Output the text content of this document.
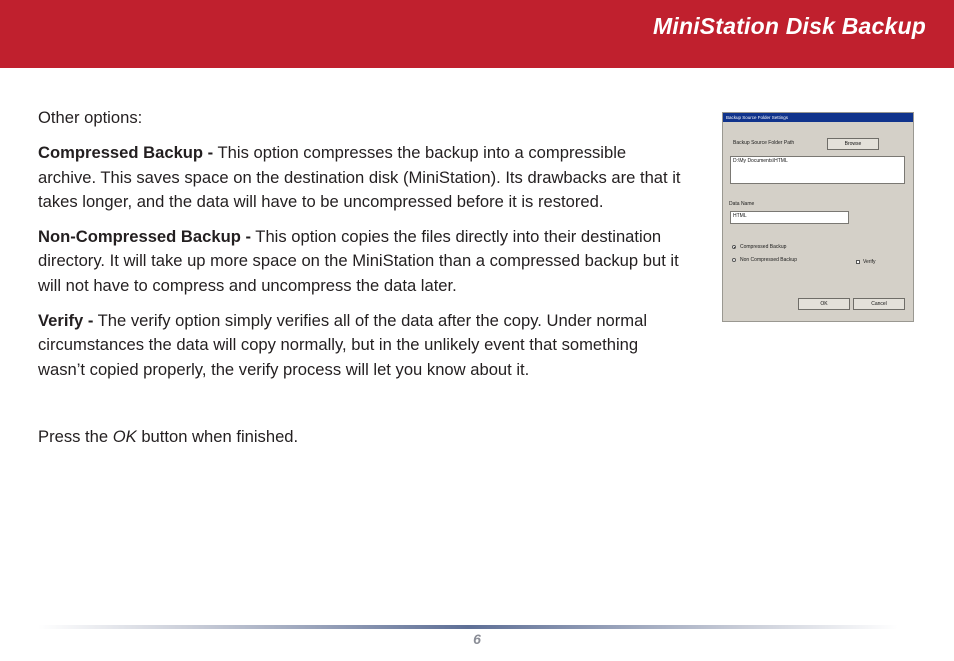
MiniStation Disk Backup

Other options:

Compressed Backup - This option compresses the backup into a compressible archive. This saves space on the destination disk (MiniStation). Its drawbacks are that it takes longer, and the data will have to be uncompressed before it is restored.

Non-Compressed Backup - This option copies the files directly into their destination directory. It will take up more space on the MiniStation than a compressed backup but it will not have to compress and uncompress the data later.

Verify - The verify option simply verifies all of the data after the copy. Under normal circumstances the data will copy normally, but in the unlikely event that something wasn’t copied properly, the verify process will let you know about it.

Press the OK button when finished.

Backup Source Folder Settings
Backup Source Folder Path	Browse
D:\My Documents\HTML
Data Name
HTML
Compressed Backup
Non Compressed Backup	Verify
OK	Cancel
6
